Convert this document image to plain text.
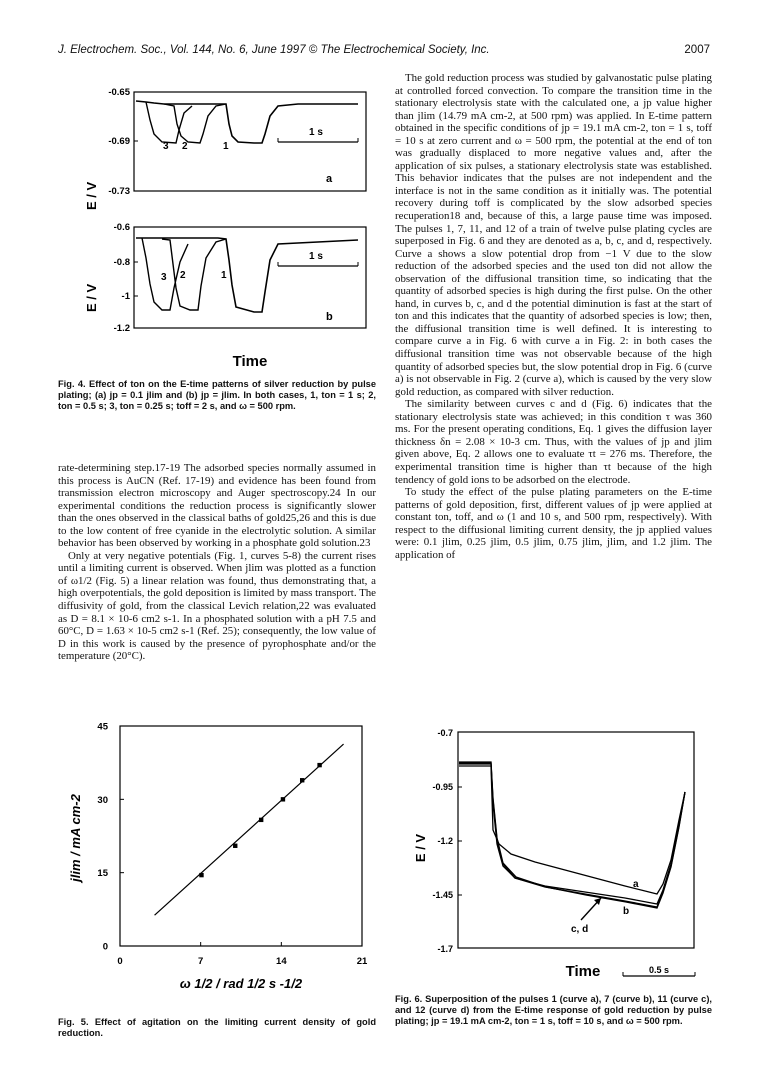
J. Electrochem. Soc., Vol. 144, No. 6, June 1997 © The Electrochemical Society, Inc.	2007
E / V
-0.65
-0.69
-0.73
3 2	1
1 s
a
E / V
-0.6
-0.8
-1
-1.2
3 2	1
1 s
b
Time
Fig. 4. Effect of ton on the E-time patterns of silver reduction by pulse plating; (a) jp = 0.1 jlim and (b) jp = jlim. In both cases, 1, ton = 1 s; 2, ton = 0.5 s; 3, ton = 0.25 s; toff = 2 s, and ω = 500 rpm.

rate-determining step.17-19 The adsorbed species normally assumed in this process is AuCN (Ref. 17-19) and evidence has been found from transmission electron microscopy and Auger spectroscopy.24 In our experimental conditions the reduction process is significantly slower than the ones observed in the classical baths of gold25,26 and this is due to the low content of free cyanide in the electrolytic solution. A similar behavior has been observed by working in a phosphate gold solution.23

Only at very negative potentials (Fig. 1, curves 5-8) the current rises until a limiting current is observed. When jlim was plotted as a function of ω1/2 (Fig. 5) a linear relation was found, thus demonstrating that, a high overpotentials, the gold deposition is limited by mass transport. The diffusivity of gold, from the classical Levich relation,22 was evaluated as D = 8.1 × 10-6 cm2 s-1. In a phosphated solution with a pH 7.5 and 60°C, D = 1.63 × 10-5 cm2 s-1 (Ref. 25); consequently, the low value of D in this work is caused by the presence of pyrophosphate and/or the temperature (20°C).

The gold reduction process was studied by galvanostatic pulse plating at controlled forced convection. To compare the transition time in the stationary electrolysis state with the calculated one, a jp value higher than jlim (14.79 mA cm-2, at 500 rpm) was applied. In E-time pattern obtained in the specific conditions of jp = 19.1 mA cm-2, ton = 1 s, toff = 10 s at zero current and ω = 500 rpm, the potential at the end of ton was gradually displaced to more negative values and, after the application of six pulses, a stationary electrolysis state was established. This behavior indicates that the pulses are not independent and the interface is not in the same condition as it initially was. The potential recovery during toff is complicated by the slow adsorbed species recuperation18 and, because of this, a large pause time was imposed. The pulses 1, 7, 11, and 12 of a train of twelve pulse plating cycles are superposed in Fig. 6 and they are denoted as a, b, c, and d, respectively. Curve a shows a slow potential drop from −1 V due to the slow reduction of the adsorbed species and the used ton did not allow the observation of the diffusional transition time, so indicating that the quantity of adsorbed species is high during the first pulse. On the other hand, in curves b, c, and d the potential diminution is fast at the start of ton and this indicates that the quantity of adsorbed species is low; then, the diffusional transition time is well defined. It is interesting to compare curve a in Fig. 6 with curve a in Fig. 2: in both cases the diffusional transition time was not observable because of the high quantity of adsorbed species but, the slow potential drop in Fig. 6 (curve a) is not observable in Fig. 2 (curve a), which is caused by the very slow gold reduction, as compared with silver reduction.

The similarity between curves c and d (Fig. 6) indicates that the stationary electrolysis state was achieved; in this condition τ was 360 ms. For the present operating conditions, Eq. 1 gives the diffusion layer thickness δn = 2.08 × 10-3 cm. Thus, with the values of jp and jlim given above, Eq. 2 allows one to evaluate τt = 276 ms. Therefore, the experimental transition time is higher than τt because of the high tendency of gold ions to be adsorbed on the electrode.

To study the effect of the pulse plating parameters on the E-time patterns of gold deposition, first, different values of jp were applied at constant ton, toff, and ω (1 and 10 s, and 500 rpm, respectively). With respect to the diffusional limiting current density, the jp applied values were: 0.1 jlim, 0.25 jlim, 0.5 jlim, 0.75 jlim, jlim, and 1.2 jlim. The application of

0	7	14	21
0
15
30
45
jlim / mA cm-2
ω 1/2 / rad 1/2 s -1/2
Fig. 5. Effect of agitation on the limiting current density of gold reduction.
E / V
-0.7
-0.95
-1.2
-1.45
-1.7
a
b
c, d
Time	0.5 s
Fig. 6. Superposition of the pulses 1 (curve a), 7 (curve b), 11 (curve c), and 12 (curve d) from the E-time response of gold reduction by pulse plating; jp = 19.1 mA cm-2, ton = 1 s, toff = 10 s, and ω = 500 rpm.
